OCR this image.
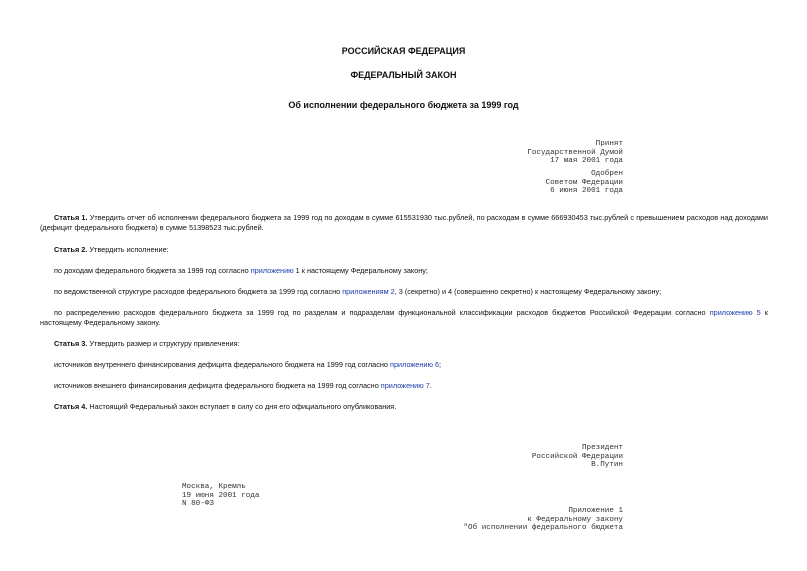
РОССИЙСКАЯ ФЕДЕРАЦИЯ
ФЕДЕРАЛЬНЫЙ ЗАКОН
Об исполнении федерального бюджета за 1999 год
Принят
Государственной Думой
17 мая 2001 года
Одобрен
Советом Федерации
6 июня 2001 года
Статья 1. Утвердить отчет об исполнении федерального бюджета за 1999 год по доходам в сумме 615531930 тыс.рублей, по расходам в сумме 666930453 тыс.рублей с превышением расходов над доходами (дефицит федерального бюджета) в сумме 51398523 тыс.рублей.
Статья 2. Утвердить исполнение:
по доходам федерального бюджета за 1999 год согласно приложению 1 к настоящему Федеральному закону;
по ведомственной структуре расходов федерального бюджета за 1999 год согласно приложениям 2, 3 (секретно) и 4 (совершенно секретно) к настоящему Федеральному закону;
по распределению расходов федерального бюджета за 1999 год по разделам и подразделам функциональной классификации расходов бюджетов Российской Федерации согласно приложению 5 к настоящему Федеральному закону.
Статья 3. Утвердить размер и структуру привлечения:
источников внутреннего финансирования дефицита федерального бюджета на 1999 год согласно приложению 6;
источников внешнего финансирования дефицита федерального бюджета на 1999 год согласно приложению 7.
Статья 4. Настоящий Федеральный закон вступает в силу со дня его официального опубликования.
Президент
Российской Федерации
В.Путин
Москва, Кремль
19 июня 2001 года
N 80-ФЗ
Приложение 1
к Федеральному закону
"Об исполнении федерального бюджета
